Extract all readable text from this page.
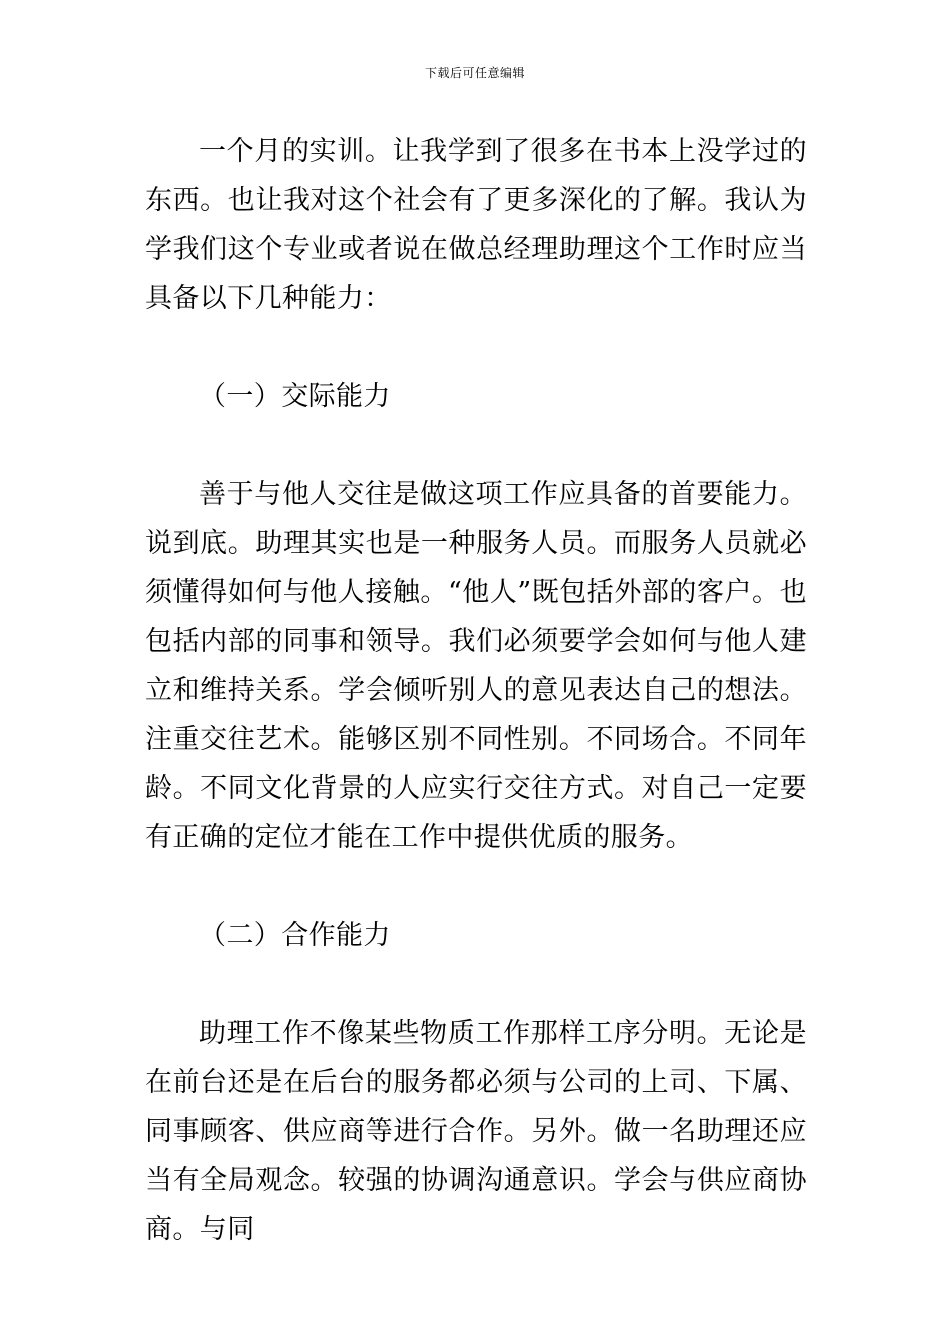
下载后可任意编辑

一个月的实训。让我学到了很多在书本上没学过的东西。也让我对这个社会有了更多深化的了解。我认为学我们这个专业或者说在做总经理助理这个工作时应当具备以下几种能力：

（一）交际能力

善于与他人交往是做这项工作应具备的首要能力。说到底。助理其实也是一种服务人员。而服务人员就必须懂得如何与他人接触。“他人”既包括外部的客户。也包括内部的同事和领导。我们必须要学会如何与他人建立和维持关系。学会倾听别人的意见表达自己的想法。注重交往艺术。能够区别不同性别。不同场合。不同年龄。不同文化背景的人应实行交往方式。对自己一定要有正确的定位才能在工作中提供优质的服务。

（二）合作能力

助理工作不像某些物质工作那样工序分明。无论是在前台还是在后台的服务都必须与公司的上司、下属、同事顾客、供应商等进行合作。另外。做一名助理还应当有全局观念。较强的协调沟通意识。学会与供应商协商。与同
